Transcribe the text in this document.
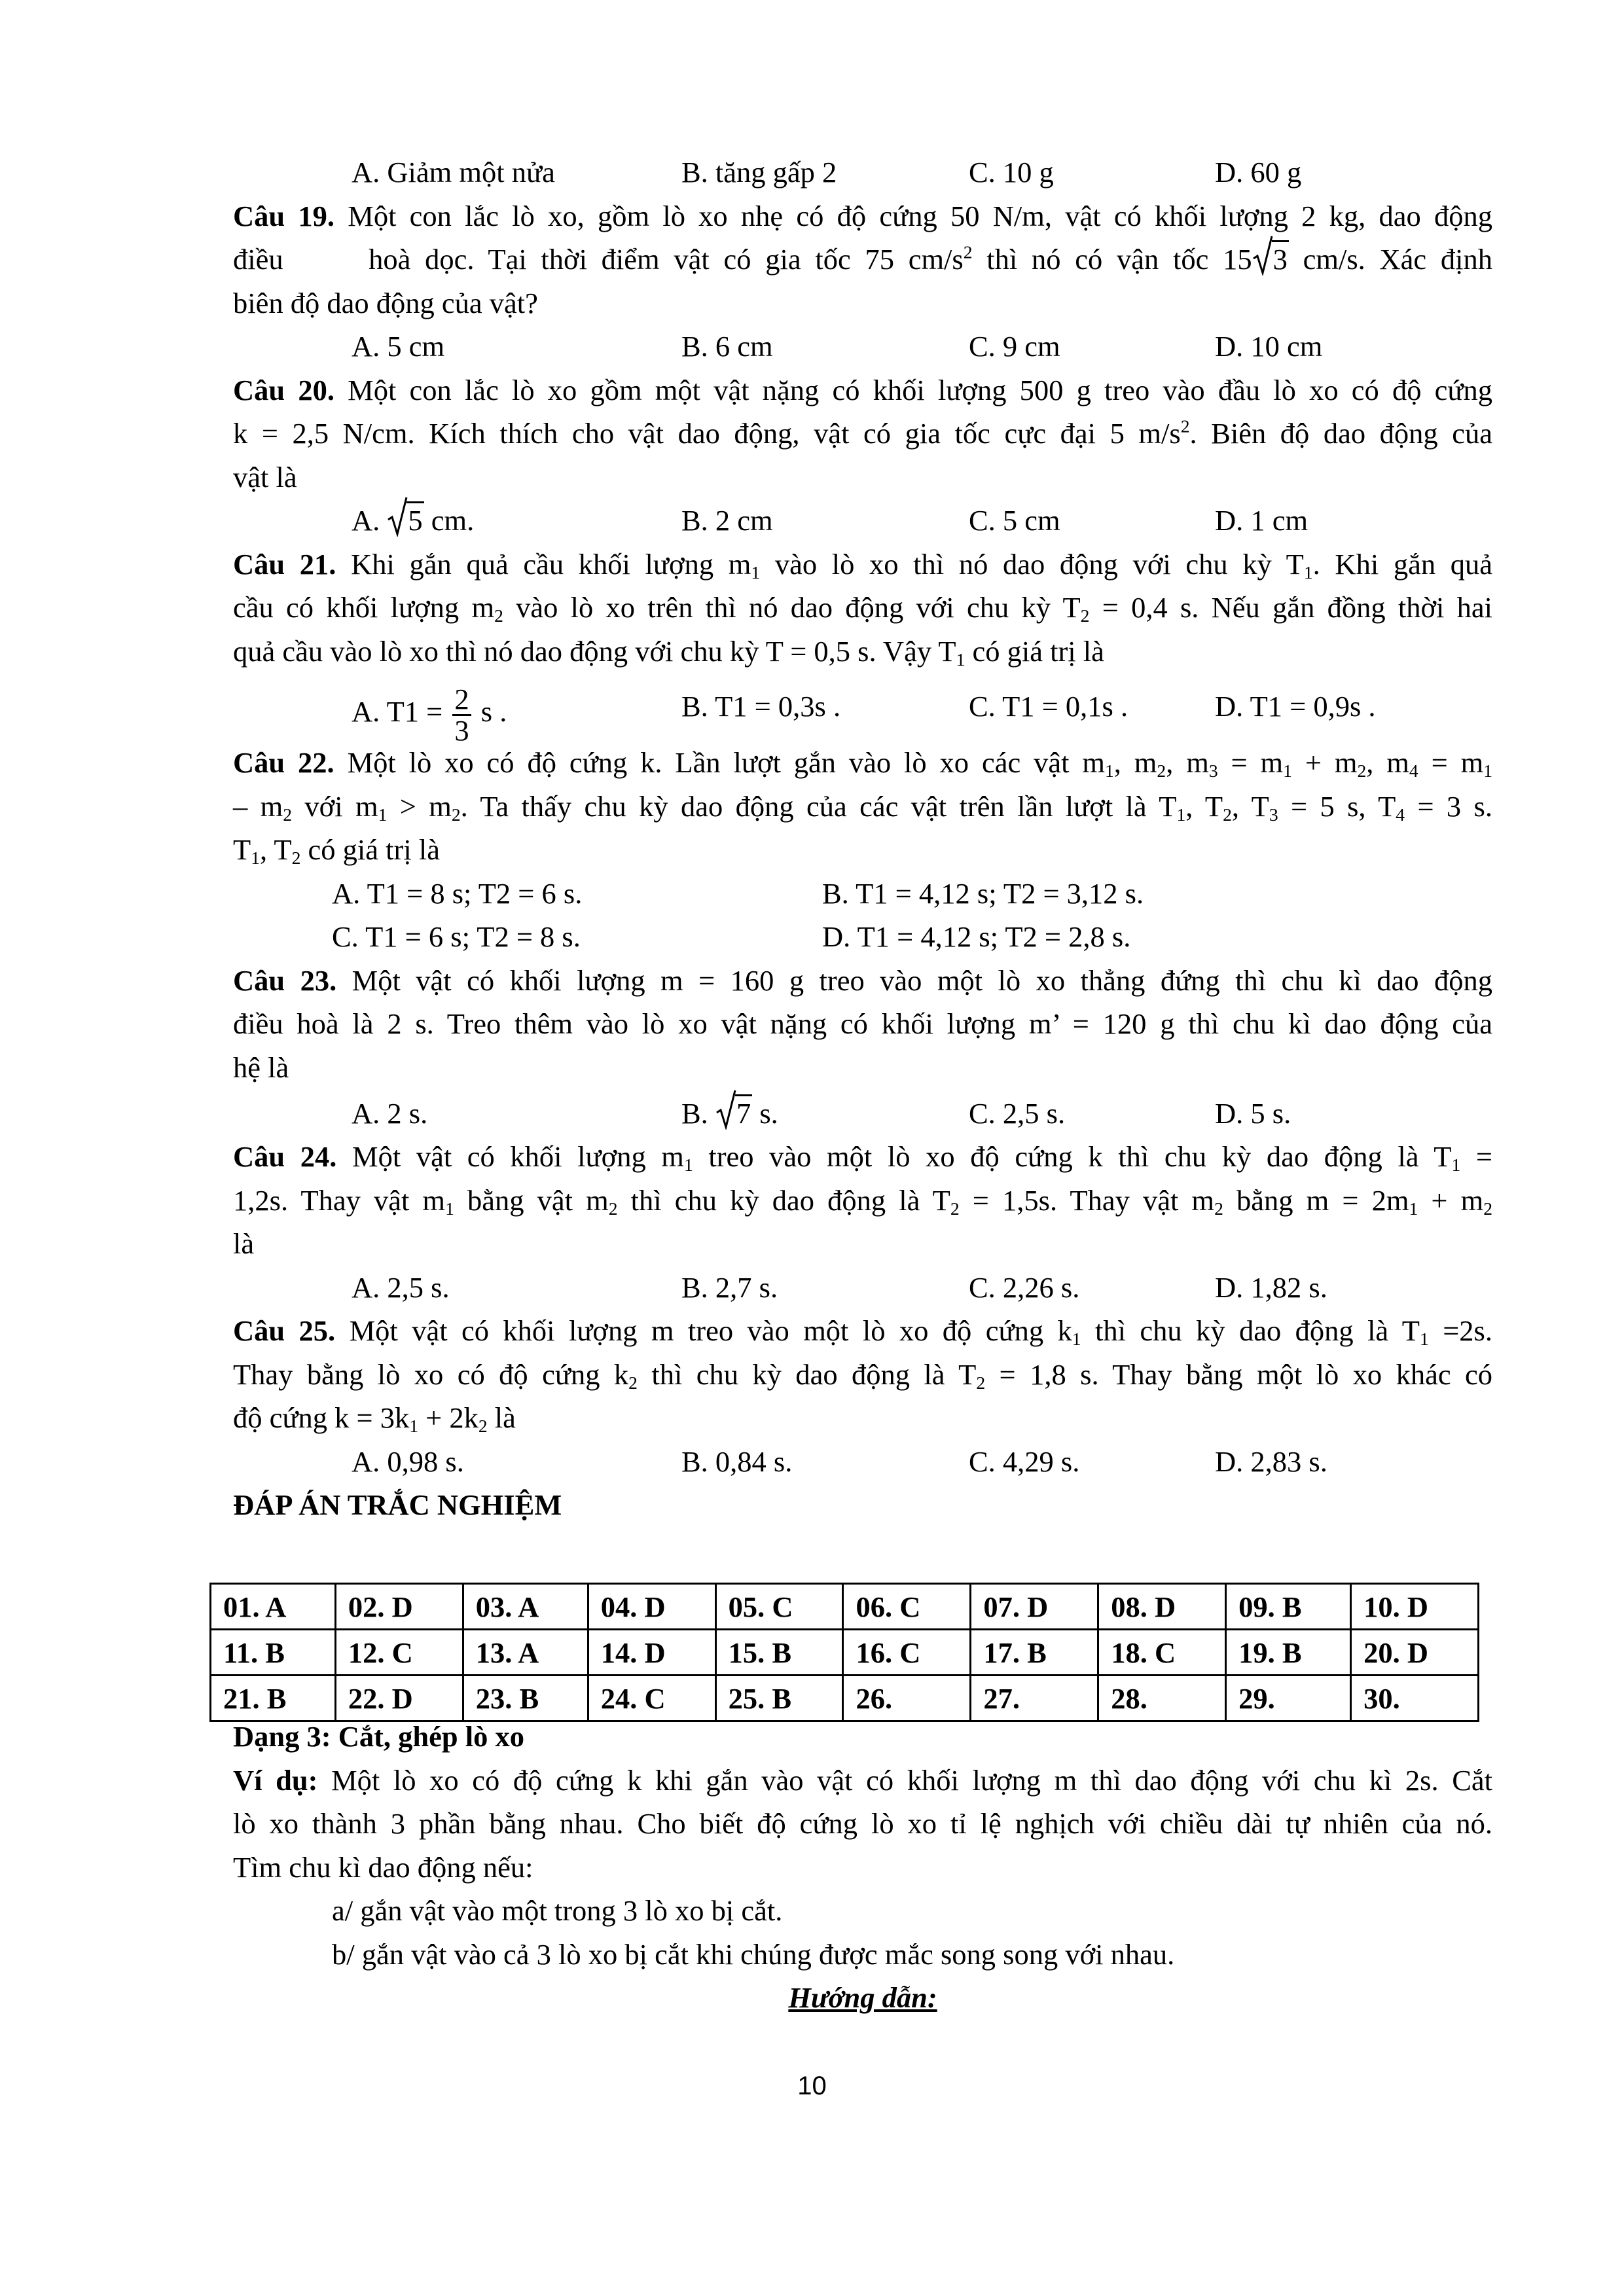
A. Giảm một nửa	B. tăng gấp 2	C. 10 g	D. 60 g
Câu 19. Một con lắc lò xo, gồm lò xo nhẹ có độ cứng 50 N/m, vật có khối lượng 2 kg, dao động
điều	hoà dọc. Tại thời điểm vật có gia tốc 75 $cm/s^2$ thì nó có vận tốc 15 3 cm/s. Xác định
biên độ dao động của vật?
A. 5 cm	B. 6 cm	C. 9 cm	D. 10 cm
Câu 20. Một con lắc lò xo gồm một vật nặng có khối lượng 500 g treo vào đầu lò xo có độ cứng
k = 2,5 N/cm. Kích thích cho vật dao động, vật có gia tốc cực đại 5 $m/s^2$. Biên độ dao động của
vật là
A.
5 cm.	B. 2 cm	C. 5 cm	D. 1 cm
Câu 21. Khi gắn quả cầu khối lượng $m_1$ vào lò xo thì nó dao động với chu kỳ $T_1$. Khi gắn quả
cầu có khối lượng $m_2$ vào lò xo trên thì nó dao động với chu kỳ $T_2 = 0,4$ s. Nếu gắn đồng thời hai
quả cầu vào lò xo thì nó dao động với chu kỳ T = 0,5 s. Vậy $T_1$ có giá trị là
A. $T1 = \frac{2}{3}$ s .	B. T1 = 0,3s .	C. T1 = 0,1s .	D. T1 = 0,9s .
Câu 22. Một lò xo có độ cứng k. Lần lượt gắn vào lò xo các vật $m_1$, $m_2$, $m_3 = m_1 + m_2$, $m_4 = m_1$
– $m_2$ với $m_1 > m_2$. Ta thấy chu kỳ dao động của các vật trên lần lượt là $T_1$, $T_2$, $T_3 = 5$ s, $T_4 = 3$ s.
$T_1$, $T_2$ có giá trị là
A. T1 = 8 s; T2 = 6 s.	B. T1 = 4,12 s; T2 = 3,12 s.
C. T1 = 6 s; T2 = 8 s.	D. T1 = 4,12 s; T2 = 2,8 s.
Câu 23. Một vật có khối lượng m = 160 g treo vào một lò xo thẳng đứng thì chu kì dao động
điều hoà là 2 s. Treo thêm vào lò xo vật nặng có khối lượng m’ = 120 g thì chu kì dao động của
hệ là
A. 2 s.	B.
7 s.	C. 2,5 s.	D. 5 s.
Câu 24. Một vật có khối lượng $m_1$ treo vào một lò xo độ cứng k thì chu kỳ dao động là $T_1$ =
1,2s. Thay vật $m_1$ bằng vật $m_2$ thì chu kỳ dao động là $T_2 = 1,5s$. Thay vật $m_2$ bằng $m = 2m_1 + m_2$
là
A. 2,5 s.	B. 2,7 s.	C. 2,26 s.	D. 1,82 s.
Câu 25. Một vật có khối lượng m treo vào một lò xo độ cứng $k_1$ thì chu kỳ dao động là $T_1 =2s$.
Thay bằng lò xo có độ cứng $k_2$ thì chu kỳ dao động là $T_2 = 1,8$ s. Thay bằng một lò xo khác có
độ cứng $k = 3k_1 + 2k_2$ là
A. 0,98 s.	B. 0,84 s.	C. 4,29 s.	D. 2,83 s.
ĐÁP ÁN TRẮC NGHIỆM
01. A	02. D	03. A	04. D	05. C	06. C	07. D	08. D	09. B	10. D
11. B	12. C	13. A	14. D	15. B	16. C	17. B	18. C	19. B	20. D
21. B	22. D	23. B	24. C	25. B	26.	27.	28.	29.	30.
Dạng 3: Cắt, ghép lò xo
Ví dụ: Một lò xo có độ cứng k khi gắn vào vật có khối lượng m thì dao động với chu kì 2s. Cắt
lò xo thành 3 phần bằng nhau. Cho biết độ cứng lò xo tỉ lệ nghịch với chiều dài tự nhiên của nó.
Tìm chu kì dao động nếu:
a/ gắn vật vào một trong 3 lò xo bị cắt.
b/ gắn vật vào cả 3 lò xo bị cắt khi chúng được mắc song song với nhau.
Hướng dẫn:
10
